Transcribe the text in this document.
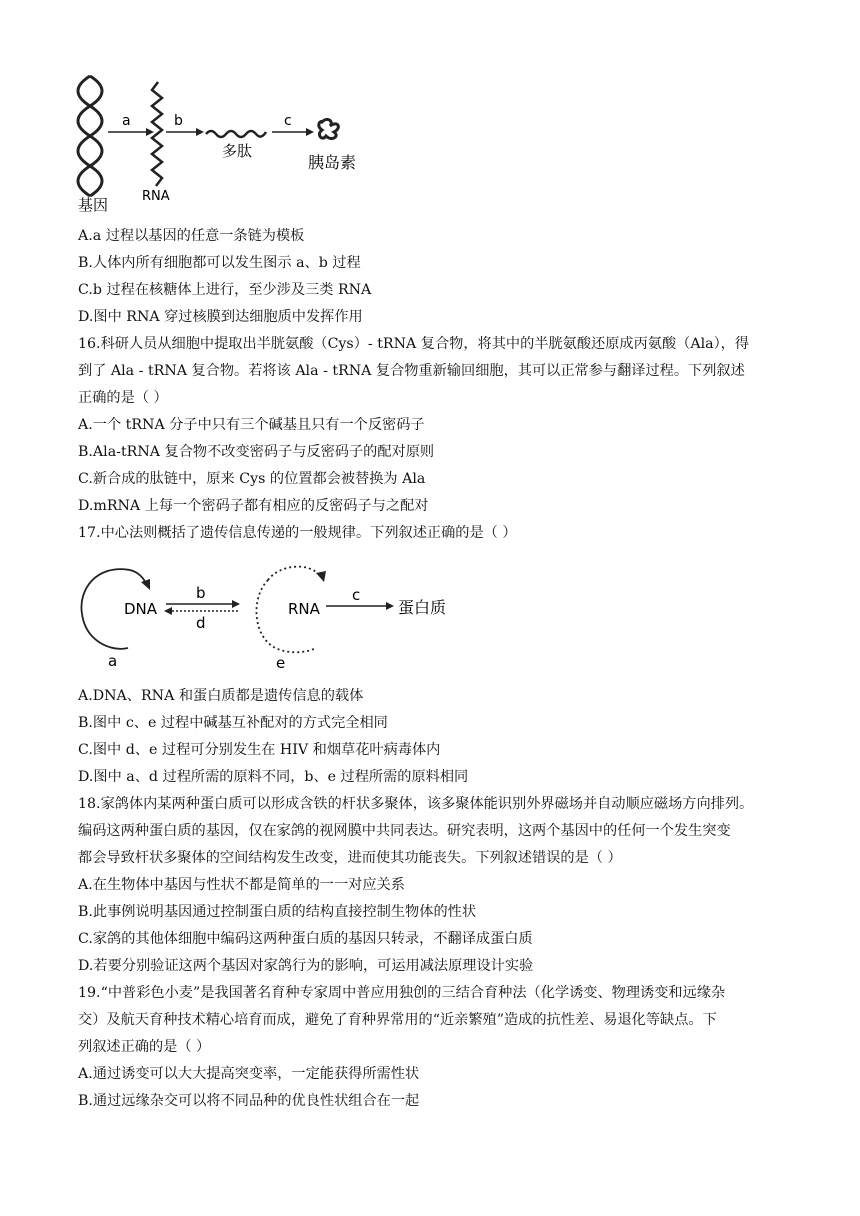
a	b	c
基因	RNA
多肽
胰岛素
A.a 过程以基因的任意一条链为模板
B.人体内所有细胞都可以发生图示 a、b 过程
C.b 过程在核糖体上进行，至少涉及三类 RNA
D.图中 RNA 穿过核膜到达细胞质中发挥作用
16.科研人员从细胞中提取出半胱氨酸（Cys）- tRNA 复合物，将其中的半胱氨酸还原成丙氨酸（Ala），得
到了 Ala - tRNA 复合物。若将该 Ala - tRNA 复合物重新输回细胞，其可以正常参与翻译过程。下列叙述
正确的是（ ）
A.一个 tRNA 分子中只有三个碱基且只有一个反密码子
B.Ala-tRNA 复合物不改变密码子与反密码子的配对原则
C.新合成的肽链中，原来 Cys 的位置都会被替换为 Ala
D.mRNA 上每一个密码子都有相应的反密码子与之配对
17.中心法则概括了遗传信息传递的一般规律。下列叙述正确的是（ ）
DNA
b
d
RNA
c
蛋白质
a	e
A.DNA、RNA 和蛋白质都是遗传信息的载体
B.图中 c、e 过程中碱基互补配对的方式完全相同
C.图中 d、e 过程可分别发生在 HIV 和烟草花叶病毒体内
D.图中 a、d 过程所需的原料不同，b、e 过程所需的原料相同
18.家鸽体内某两种蛋白质可以形成含铁的杆状多聚体，该多聚体能识别外界磁场并自动顺应磁场方向排列。
编码这两种蛋白质的基因，仅在家鸽的视网膜中共同表达。研究表明，这两个基因中的任何一个发生突变
都会导致杆状多聚体的空间结构发生改变，进而使其功能丧失。下列叙述错误的是（ ）
A.在生物体中基因与性状不都是简单的一一对应关系
B.此事例说明基因通过控制蛋白质的结构直接控制生物体的性状
C.家鸽的其他体细胞中编码这两种蛋白质的基因只转录，不翻译成蛋白质
D.若要分别验证这两个基因对家鸽行为的影响，可运用减法原理设计实验
19.“中普彩色小麦”是我国著名育种专家周中普应用独创的三结合育种法（化学诱变、物理诱变和远缘杂
交）及航天育种技术精心培育而成，避免了育种界常用的“近亲繁殖”造成的抗性差、易退化等缺点。下
列叙述正确的是（ ）
A.通过诱变可以大大提高突变率，一定能获得所需性状
B.通过远缘杂交可以将不同品种的优良性状组合在一起
